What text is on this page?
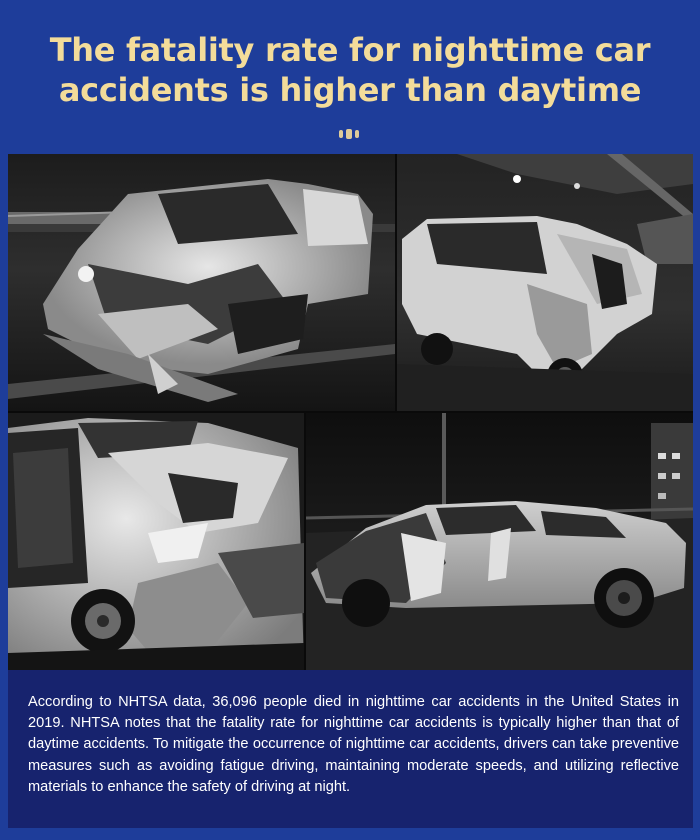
The fatality rate for nighttime car
accidents is higher than daytime

According to NHTSA data, 36,096 people died in nighttime car accidents in the United States in 2019. NHTSA notes that the fatality rate for nighttime car accidents is typically higher than that of daytime accidents. To mitigate the occurrence of nighttime car accidents, drivers can take preventive measures such as avoiding fatigue driving, maintaining moderate speeds, and utilizing reflective materials to enhance the safety of driving at night.
